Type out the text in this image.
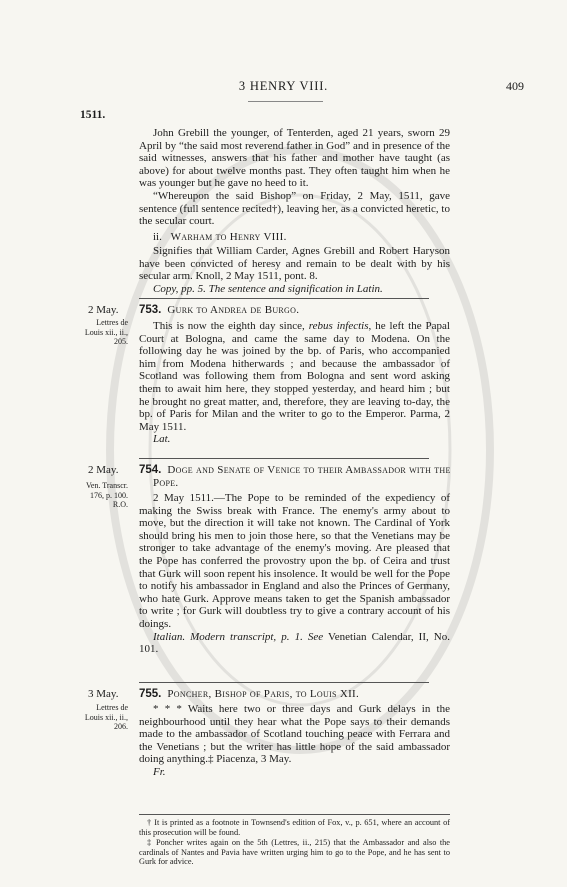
3 HENRY VIII.	409
1511.

John Grebill the younger, of Tenterden, aged 21 years, sworn 29 April by “the said most reverend father in God” and in presence of the said witnesses, answers that his father and mother have taught (as above) for about twelve months past. They often taught him when he was younger but he gave no heed to it.

“Whereupon the said Bishop” on Friday, 2 May, 1511, gave sentence (full sentence recited†), leaving her, as a convicted heretic, to the secular court.

ii. Warham to Henry VIII.

Signifies that William Carder, Agnes Grebill and Robert Haryson have been convicted of heresy and remain to be dealt with by his secular arm. Knoll, 2 May 1511, pont. 8.

Copy, pp. 5. The sentence and signification in Latin.

2 May.
Lettres de Louis xii., ii., 205.
753. Gurk to Andrea de Burgo.

This is now the eighth day since, rebus infectis, he left the Papal Court at Bologna, and came the same day to Modena. On the following day he was joined by the bp. of Paris, who accompanied him from Modena hitherwards ; and because the ambassador of Scotland was following them from Bologna and sent word asking them to await him here, they stopped yesterday, and heard him ; but he brought no great matter, and, therefore, they are leaving to-day, the bp. of Paris for Milan and the writer to go to the Emperor. Parma, 2 May 1511.

Lat.

2 May.
Ven. Transcr. 176, p. 100. R.O.
754. Doge and Senate of Venice to their Ambassador with the Pope.

2 May 1511.—The Pope to be reminded of the expediency of making the Swiss break with France. The enemy's army about to move, but the direction it will take not known. The Cardinal of York should bring his men to join those here, so that the Venetians may be stronger to take advantage of the enemy's moving. Are pleased that the Pope has conferred the provostry upon the bp. of Ceira and trust that Gurk will soon repent his insolence. It would be well for the Pope to notify his ambassador in England and also the Princes of Germany, who hate Gurk. Approve means taken to get the Spanish ambassador to write ; for Gurk will doubtless try to give a contrary account of his doings.

Italian. Modern transcript, p. 1. See Venetian Calendar, II, No. 101.

3 May.
Lettres de Louis xii., ii., 206.
755. Poncher, Bishop of Paris, to Louis XII.

* * * Waits here two or three days and Gurk delays in the neighbourhood until they hear what the Pope says to their demands made to the ambassador of Scotland touching peace with Ferrara and the Venetians ; but the writer has little hope of the said ambassador doing anything.‡ Piacenza, 3 May.

Fr.

† It is printed as a footnote in Townsend's edition of Fox, v., p. 651, where an account of this prosecution will be found.

‡ Poncher writes again on the 5th (Lettres, ii., 215) that the Ambassador and also the cardinals of Nantes and Pavia have written urging him to go to the Pope, and he has sent to Gurk for advice.
